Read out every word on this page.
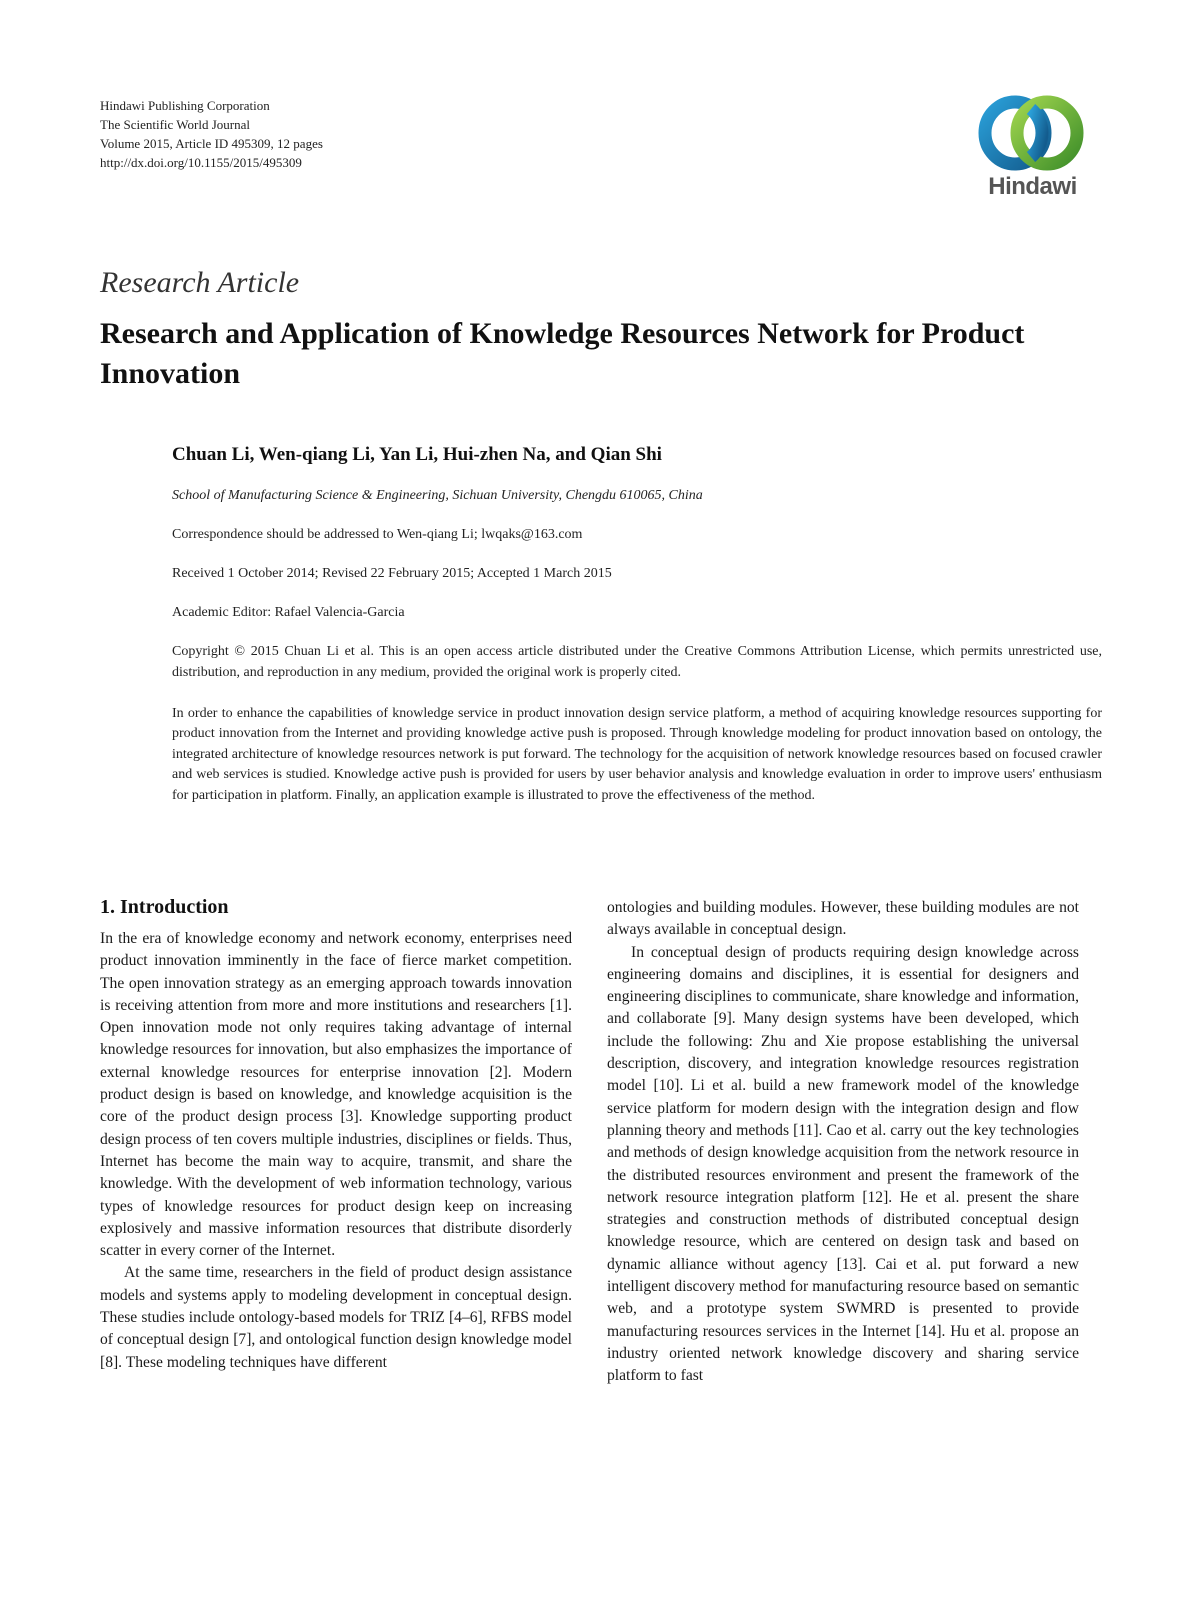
Hindawi Publishing Corporation
The Scientific World Journal
Volume 2015, Article ID 495309, 12 pages
http://dx.doi.org/10.1155/2015/495309
Hindawi
Research Article
Research and Application of Knowledge Resources Network for Product Innovation
Chuan Li, Wen-qiang Li, Yan Li, Hui-zhen Na, and Qian Shi
School of Manufacturing Science & Engineering, Sichuan University, Chengdu 610065, China
Correspondence should be addressed to Wen-qiang Li; lwqaks@163.com
Received 1 October 2014; Revised 22 February 2015; Accepted 1 March 2015
Academic Editor: Rafael Valencia-Garcia
Copyright © 2015 Chuan Li et al. This is an open access article distributed under the Creative Commons Attribution License, which permits unrestricted use, distribution, and reproduction in any medium, provided the original work is properly cited.

In order to enhance the capabilities of knowledge service in product innovation design service platform, a method of acquiring knowledge resources supporting for product innovation from the Internet and providing knowledge active push is proposed. Through knowledge modeling for product innovation based on ontology, the integrated architecture of knowledge resources network is put forward. The technology for the acquisition of network knowledge resources based on focused crawler and web services is studied. Knowledge active push is provided for users by user behavior analysis and knowledge evaluation in order to improve users' enthusiasm for participation in platform. Finally, an application example is illustrated to prove the effectiveness of the method.

1. Introduction

In the era of knowledge economy and network economy, enterprises need product innovation imminently in the face of fierce market competition. The open innovation strategy as an emerging approach towards innovation is receiving attention from more and more institutions and researchers [1]. Open innovation mode not only requires taking advantage of internal knowledge resources for innovation, but also emphasizes the importance of external knowledge resources for enterprise innovation [2]. Modern product design is based on knowledge, and knowledge acquisition is the core of the product design process [3]. Knowledge supporting product design process of ten covers multiple industries, disciplines or fields. Thus, Internet has become the main way to acquire, transmit, and share the knowledge. With the development of web information technology, various types of knowledge resources for product design keep on increasing explosively and massive information resources that distribute disorderly scatter in every corner of the Internet.

At the same time, researchers in the field of product design assistance models and systems apply to modeling development in conceptual design. These studies include ontology-based models for TRIZ [4–6], RFBS model of conceptual design [7], and ontological function design knowledge model [8]. These modeling techniques have different

ontologies and building modules. However, these building modules are not always available in conceptual design.

In conceptual design of products requiring design knowledge across engineering domains and disciplines, it is essential for designers and engineering disciplines to communicate, share knowledge and information, and collaborate [9]. Many design systems have been developed, which include the following: Zhu and Xie propose establishing the universal description, discovery, and integration knowledge resources registration model [10]. Li et al. build a new framework model of the knowledge service platform for modern design with the integration design and flow planning theory and methods [11]. Cao et al. carry out the key technologies and methods of design knowledge acquisition from the network resource in the distributed resources environment and present the framework of the network resource integration platform [12]. He et al. present the share strategies and construction methods of distributed conceptual design knowledge resource, which are centered on design task and based on dynamic alliance without agency [13]. Cai et al. put forward a new intelligent discovery method for manufacturing resource based on semantic web, and a prototype system SWMRD is presented to provide manufacturing resources services in the Internet [14]. Hu et al. propose an industry oriented network knowledge discovery and sharing service platform to fast
